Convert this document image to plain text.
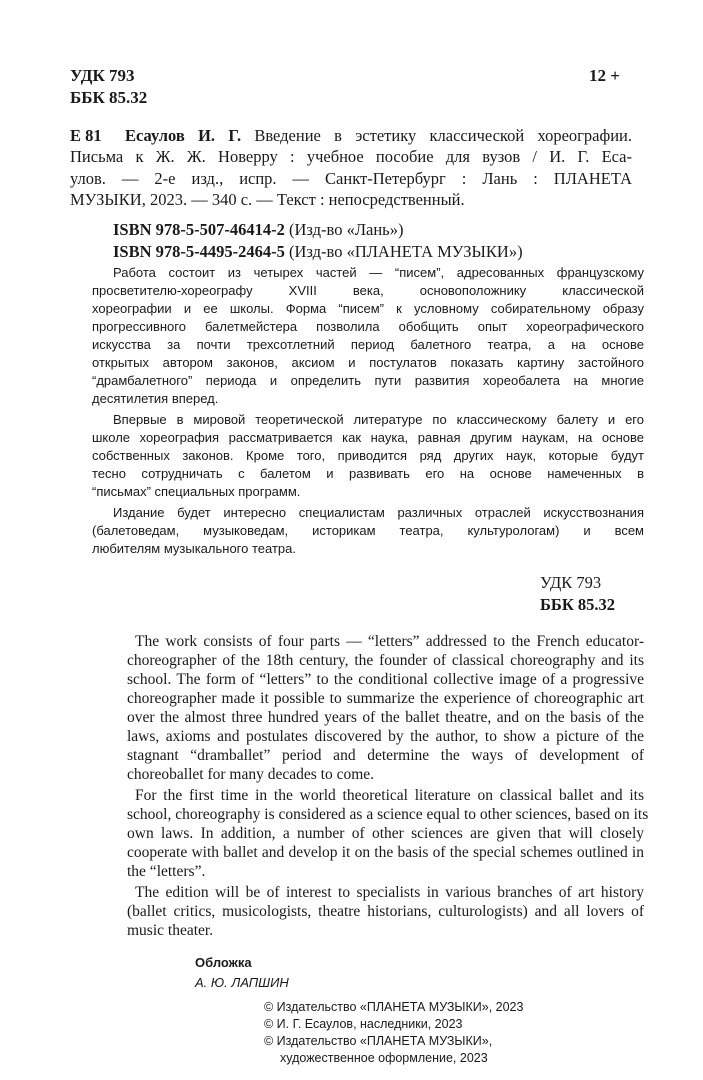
УДК 793
ББК 85.32
12 +
Е 81 Есаулов И. Г. Введение в эстетику классической хореографии.
Письма к Ж. Ж. Новерру : учебное пособие для вузов / И. Г. Еса-
улов. — 2-е изд., испр. — Санкт-Петербург : Лань : ПЛАНЕТА
МУЗЫКИ, 2023. — 340 с. — Текст : непосредственный.
ISBN 978-5-507-46414-2 (Изд-во «Лань»)
ISBN 978-5-4495-2464-5 (Изд-во «ПЛАНЕТА МУЗЫКИ»)
Работа состоит из четырех частей — “писем”, адресованных французскому
просветителю-хореографу XVIII века, основоположнику классической
хореографии и ее школы. Форма “писем” к условному собирательному образу
прогрессивного балетмейстера позволила обобщить опыт хореографического
искусства за почти трехсотлетний период балетного театра, а на основе
открытых автором законов, аксиом и постулатов показать картину застойного
“драмбалетного” периода и определить пути развития хореобалета на многие
десятилетия вперед.
Впервые в мировой теоретической литературе по классическому балету и его
школе хореография рассматривается как наука, равная другим наукам, на основе
собственных законов. Кроме того, приводится ряд других наук, которые будут
тесно сотрудничать с балетом и развивать его на основе намеченных в
“письмах” специальных программ.
Издание будет интересно специалистам различных отраслей искусствознания
(балетоведам, музыковедам, историкам театра, культурологам) и всем
любителям музыкального театра.
УДК 793
ББК 85.32
The work consists of four parts — “letters” addressed to the French educator-
choreographer of the 18th century, the founder of classical choreography and its
school. The form of “letters” to the conditional collective image of a progressive
choreographer made it possible to summarize the experience of choreographic art
over the almost three hundred years of the ballet theatre, and on the basis of the
laws, axioms and postulates discovered by the author, to show a picture of the
stagnant “dramballet” period and determine the ways of development of
choreoballet for many decades to come.
For the first time in the world theoretical literature on classical ballet and its
school, choreography is considered as a science equal to other sciences, based on its
own laws. In addition, a number of other sciences are given that will closely
cooperate with ballet and develop it on the basis of the special schemes outlined in
the “letters”.
The edition will be of interest to specialists in various branches of art history
(ballet critics, musicologists, theatre historians, culturologists) and all lovers of
music theater.
Обложка
А. Ю. ЛАПШИН
© Издательство «ПЛАНЕТА МУЗЫКИ», 2023
© И. Г. Есаулов, наследники, 2023
© Издательство «ПЛАНЕТА МУЗЫКИ»,
художественное оформление, 2023
